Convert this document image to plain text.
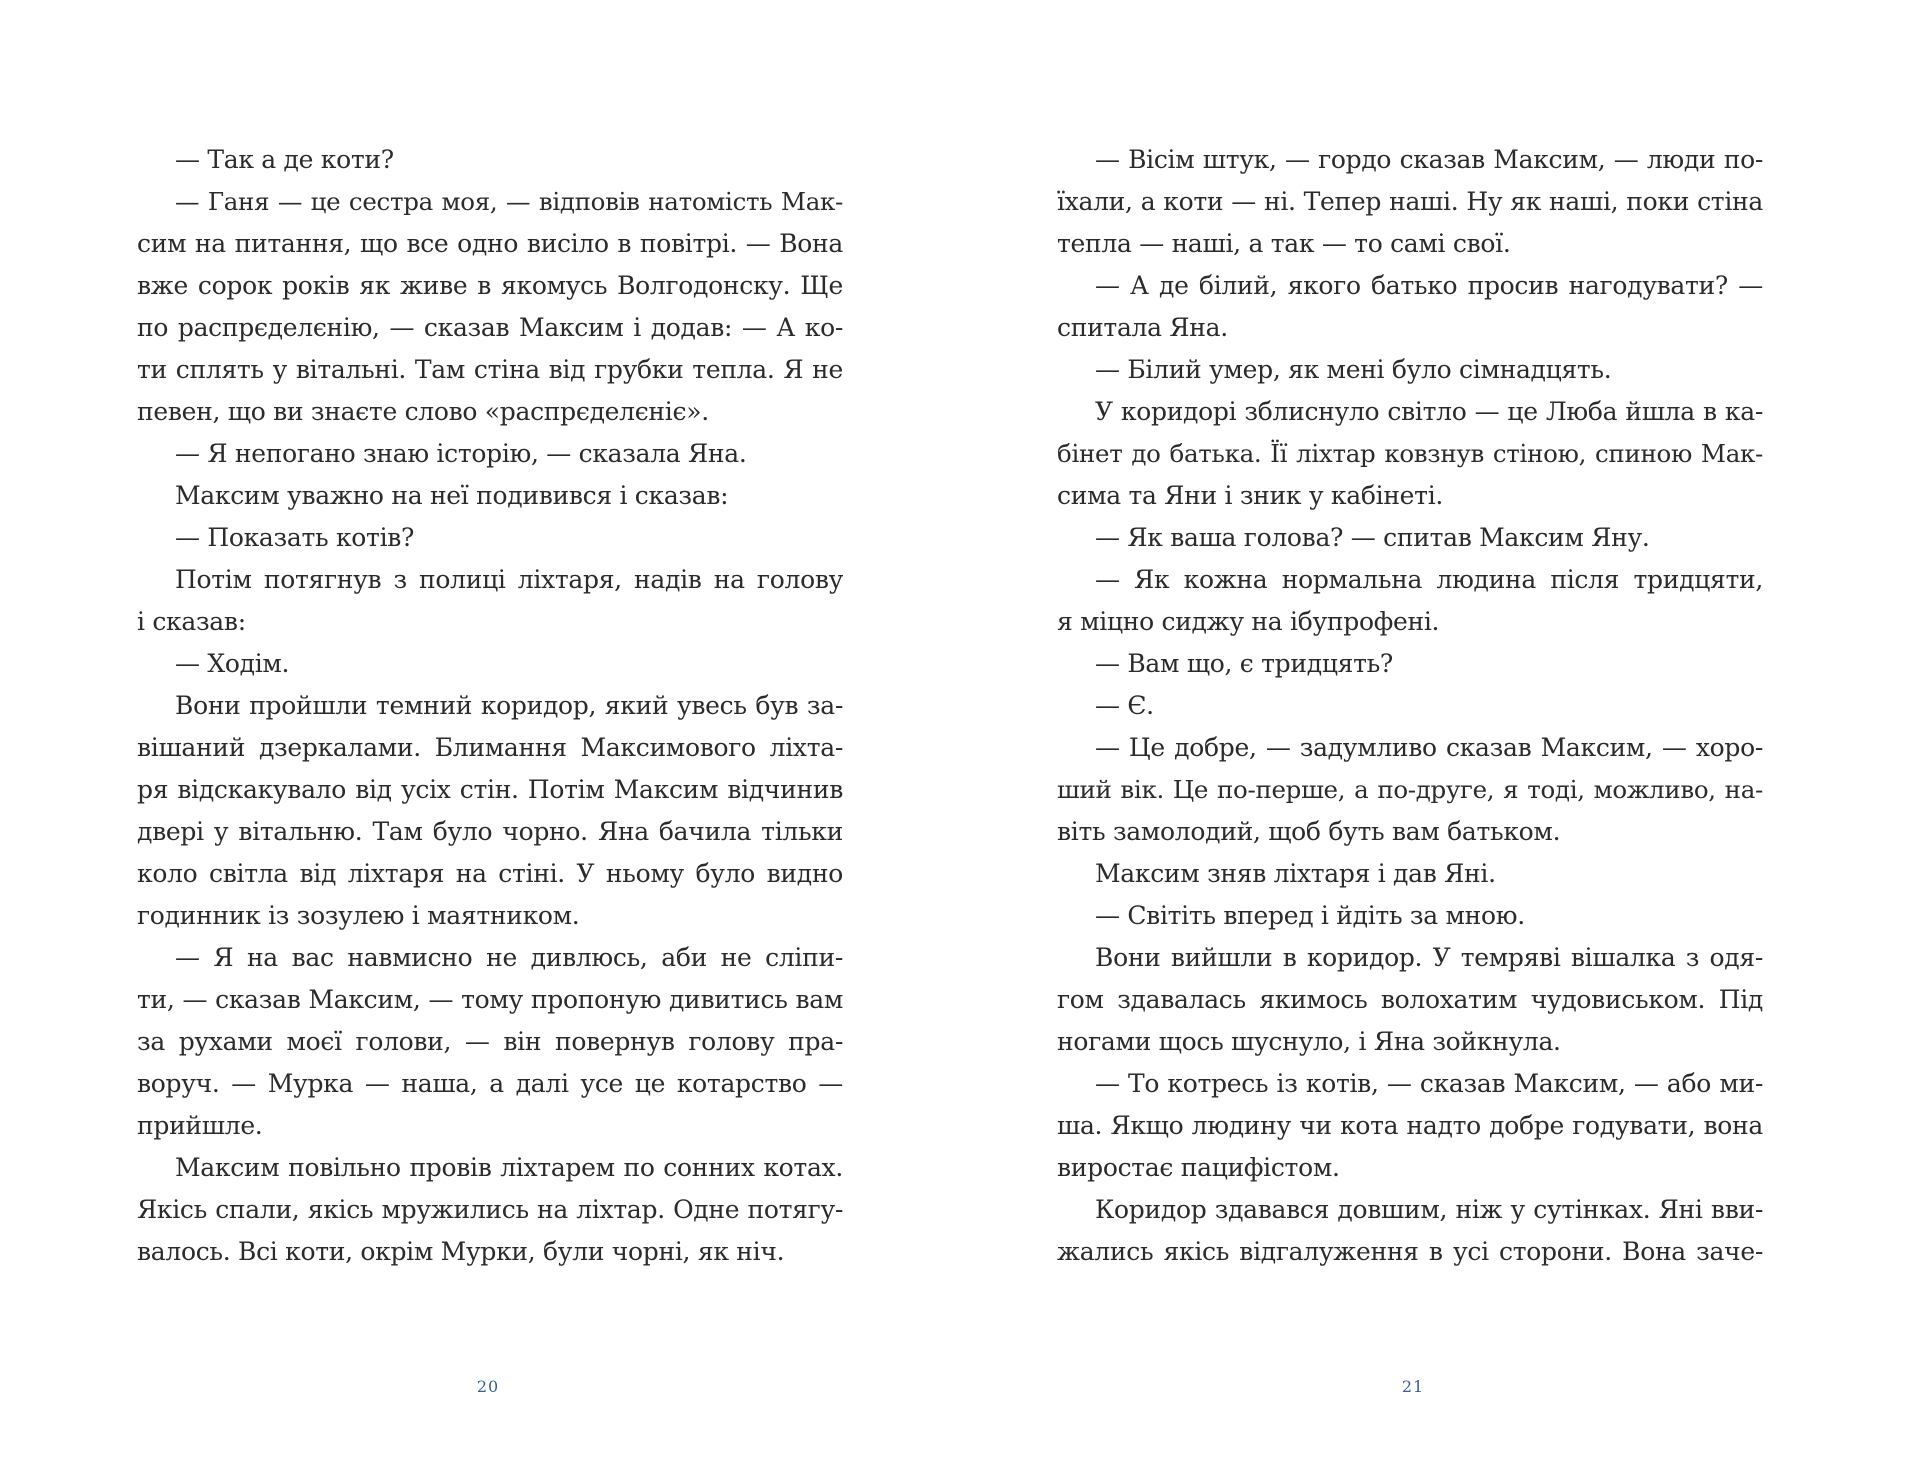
— Так а де коти?
— Ганя — це сестра моя, — відповів натомість Мак-
сим на питання, що все одно висіло в повітрі. — Вона
вже сорок років як живе в якомусь Волгодонску. Ще
по распрєделєнію, — сказав Максим і додав: — А ко-
ти сплять у вітальні. Там стіна від грубки тепла. Я не
певен, що ви знаєте слово «распрєделєніє».
— Я непогано знаю історію, — сказала Яна.
Максим уважно на неї подивився і сказав:
— Показать котів?
Потім потягнув з полиці ліхтаря, надів на голову
і сказав:
— Ходім.
Вони пройшли темний коридор, який увесь був за-
вішаний дзеркалами. Блимання Максимового ліхта-
ря відскакувало від усіх стін. Потім Максим відчинив
двері у вітальню. Там було чорно. Яна бачила тільки
коло світла від ліхтаря на стіні. У ньому було видно
годинник із зозулею і маятником.
— Я на вас навмисно не дивлюсь, аби не сліпи-
ти, — сказав Максим, — тому пропоную дивитись вам
за рухами моєї голови, — він повернув голову пра-
воруч. — Мурка — наша, а далі усе це котарство —
прийшле.
Максим повільно провів ліхтарем по сонних котах.
Якісь спали, якісь мружились на ліхтар. Одне потягу-
валось. Всі коти, окрім Мурки, були чорні, як ніч.
20
— Вісім штук, — гордо сказав Максим, — люди по-
їхали, а коти — ні. Тепер наші. Ну як наші, поки стіна
тепла — наші, а так — то самі свої.
— А де білий, якого батько просив нагодувати? —
спитала Яна.
— Білий умер, як мені було сімнадцять.
У коридорі зблиснуло світло — це Люба йшла в ка-
бінет до батька. Її ліхтар ковзнув стіною, спиною Мак-
сима та Яни і зник у кабінеті.
— Як ваша голова? — спитав Максим Яну.
— Як кожна нормальна людина після тридцяти,
я міцно сиджу на ібупрофені.
— Вам що, є тридцять?
— Є.
— Це добре, — задумливо сказав Максим, — хоро-
ший вік. Це по-перше, а по-друге, я тоді, можливо, на-
віть замолодий, щоб буть вам батьком.
Максим зняв ліхтаря і дав Яні.
— Світіть вперед і йдіть за мною.
Вони вийшли в коридор. У темряві вішалка з одя-
гом здавалась якимось волохатим чудовиськом. Під
ногами щось шуснуло, і Яна зойкнула.
— То котресь із котів, — сказав Максим, — або ми-
ша. Якщо людину чи кота надто добре годувати, вона
виростає пацифістом.
Коридор здавався довшим, ніж у сутінках. Яні вви-
жались якісь відгалуження в усі сторони. Вона заче-
21
